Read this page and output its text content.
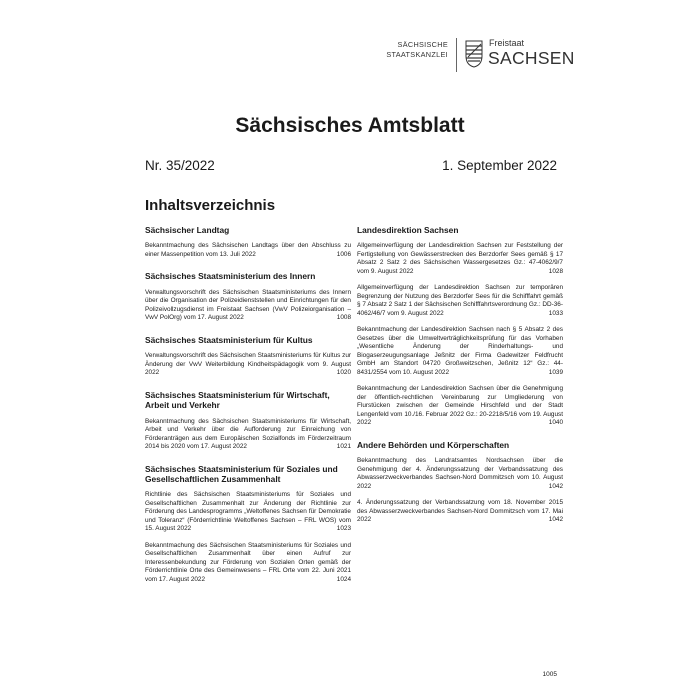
SÄCHSISCHE
STAATSKANZLEI
Freistaat
SACHSEN
Sächsisches Amtsblatt
Nr. 35/2022	1. September 2022
Inhaltsverzeichnis
Sächsischer Landtag
Bekanntmachung des Sächsischen Landtags über den Abschluss zu einer Massenpetition vom 13. Juli 2022	1006
Sächsisches Staatsministerium des Innern
Verwaltungsvorschrift des Sächsischen Staatsministeriums des Innern über die Organisation der Polizeidienststellen und Einrichtungen für den Polizeivollzugsdienst im Freistaat Sachsen (VwV Polizeiorganisation – VwV PolOrg) vom 17. August 2022	1008
Sächsisches Staatsministerium für Kultus
Verwaltungsvorschrift des Sächsischen Staatsministeriums für Kultus zur Änderung der VwV Weiterbildung Kindheitspädagogik vom 9. August 2022	1020
Sächsisches Staatsministerium für Wirtschaft, Arbeit und Verkehr
Bekanntmachung des Sächsischen Staatsministeriums für Wirtschaft, Arbeit und Verkehr über die Aufforderung zur Einreichung von Förderanträgen aus dem Europäischen Sozialfonds im Förderzeitraum 2014 bis 2020 vom 17. August 2022	1021
Sächsisches Staatsministerium für Soziales und Gesellschaftlichen Zusammenhalt
Richtlinie des Sächsischen Staatsministeriums für Soziales und Gesellschaftlichen Zusammenhalt zur Änderung der Richtlinie zur Förderung des Landesprogramms „Weltoffenes Sachsen für Demokratie und Toleranz“ (Förderrichtlinie Weltoffenes Sachsen – FRL WOS) vom 15. August 2022	1023
Bekanntmachung des Sächsischen Staatsministeriums für Soziales und Gesellschaftlichen Zusammenhalt über einen Aufruf zur Interessenbekundung zur Förderung von Sozialen Orten gemäß der Förderrichtlinie Orte des Gemeinwesens – FRL Orte vom 22. Juni 2021 vom 17. August 2022	1024
Landesdirektion Sachsen
Allgemeinverfügung der Landesdirektion Sachsen zur Feststellung der Fertigstellung von Gewässerstrecken des Berzdorfer Sees gemäß § 17 Absatz 2 Satz 2 des Sächsischen Wassergesetzes Gz.: 47-4062/9/7 vom 9. August 2022	1028
Allgemeinverfügung der Landesdirektion Sachsen zur temporären Begrenzung der Nutzung des Berzdorfer Sees für die Schifffahrt gemäß § 7 Absatz 2 Satz 1 der Sächsischen Schifffahrtsverordnung Gz.: DD-36-4062/46/7 vom 9. August 2022	1033
Bekanntmachung der Landesdirektion Sachsen nach § 5 Absatz 2 des Gesetzes über die Umweltverträglichkeitsprüfung für das Vorhaben „Wesentliche Änderung der Rinderhaltungs- und Biogaserzeugungsanlage Jeßnitz der Firma Gadewitzer Feldfrucht GmbH am Standort 04720 Großweitzschen, Jeßnitz 12“ Gz.: 44-8431/2554 vom 10. August 2022	1039
Bekanntmachung der Landesdirektion Sachsen über die Genehmigung der öffentlich-rechtlichen Vereinbarung zur Umgliederung von Flurstücken zwischen der Gemeinde Hirschfeld und der Stadt Lengenfeld vom 10./16. Februar 2022 Gz.: 20-2218/5/16 vom 19. August 2022	1040
Andere Behörden und Körperschaften
Bekanntmachung des Landratsamtes Nordsachsen über die Genehmigung der 4. Änderungssatzung der Verbandssatzung des Abwasserzweckverbandes Sachsen-Nord Dommitzsch vom 10. August 2022	1042
4. Änderungssatzung der Verbandssatzung vom 18. November 2015 des Abwasserzweckverbandes Sachsen-Nord Dommitzsch vom 17. Mai 2022	1042
1005
